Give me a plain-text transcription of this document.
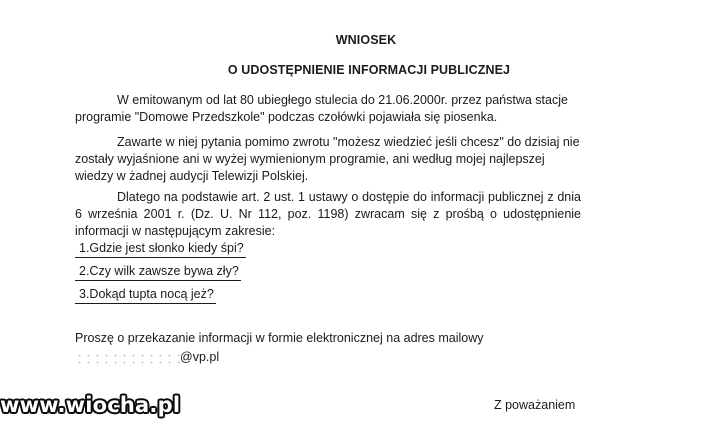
WNIOSEK
O UDOSTĘPNIENIE INFORMACJI PUBLICZNEJ

W emitowanym od lat 80 ubiegłego stulecia do 21.06.2000r. przez państwa stacje programie "Domowe Przedszkole" podczas czołówki pojawiała się piosenka.

Zawarte w niej pytania pomimo zwrotu "możesz wiedzieć jeśli chcesz" do dzisiaj nie zostały wyjaśnione ani w wyżej wymienionym programie, ani według mojej najlepszej wiedzy w żadnej audycji Telewizji Polskiej.

Dlatego na podstawie art. 2 ust. 1 ustawy o dostępie do informacji publicznej z dnia 6 września 2001 r. (Dz. U. Nr 112, poz. 1198) zwracam się z prośbą o udostępnienie informacji w następującym zakresie:

1.Gdzie jest słonko kiedy śpi?
2.Czy wilk zawsze bywa zły?
3.Dokąd tupta nocą jeż?

Proszę o przekazanie informacji w formie elektronicznej na adres mailowy

@vp.pl
Z poważaniem
www.wiocha.pl
